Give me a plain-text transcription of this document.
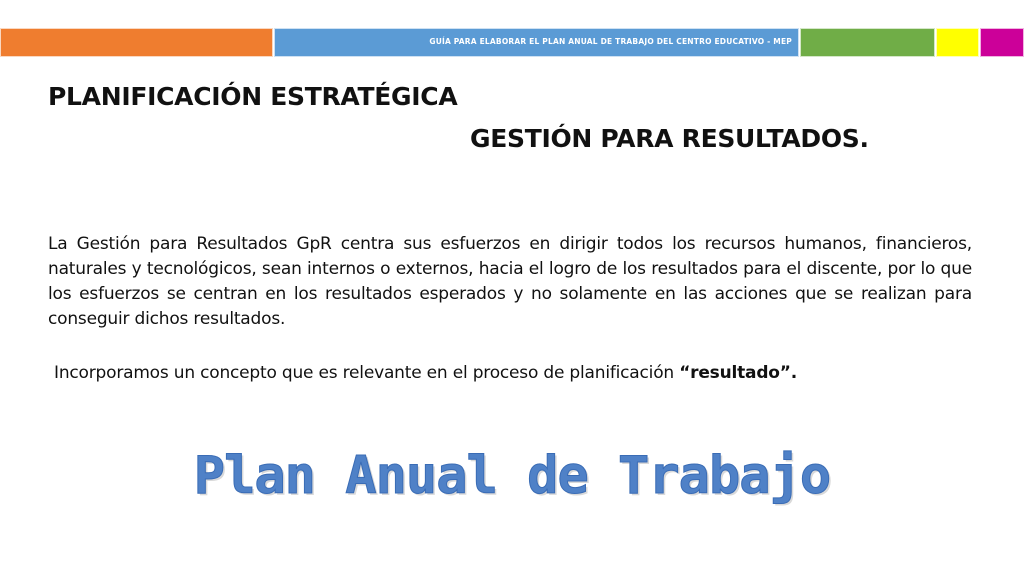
GUÍA PARA ELABORAR EL PLAN ANUAL DE TRABAJO DEL CENTRO EDUCATIVO - MEP
PLANIFICACIÓN ESTRATÉGICA
GESTIÓN PARA RESULTADOS.
La Gestión para Resultados GpR centra sus esfuerzos en dirigir todos los recursos humanos, financieros, naturales y tecnológicos, sean internos o externos, hacia el logro de los resultados para el discente, por lo que los esfuerzos se centran en los resultados esperados y no solamente en las acciones que se realizan para conseguir dichos resultados.
Incorporamos un concepto que es relevante en el proceso de planificación “resultado”.
Plan Anual de Trabajo
